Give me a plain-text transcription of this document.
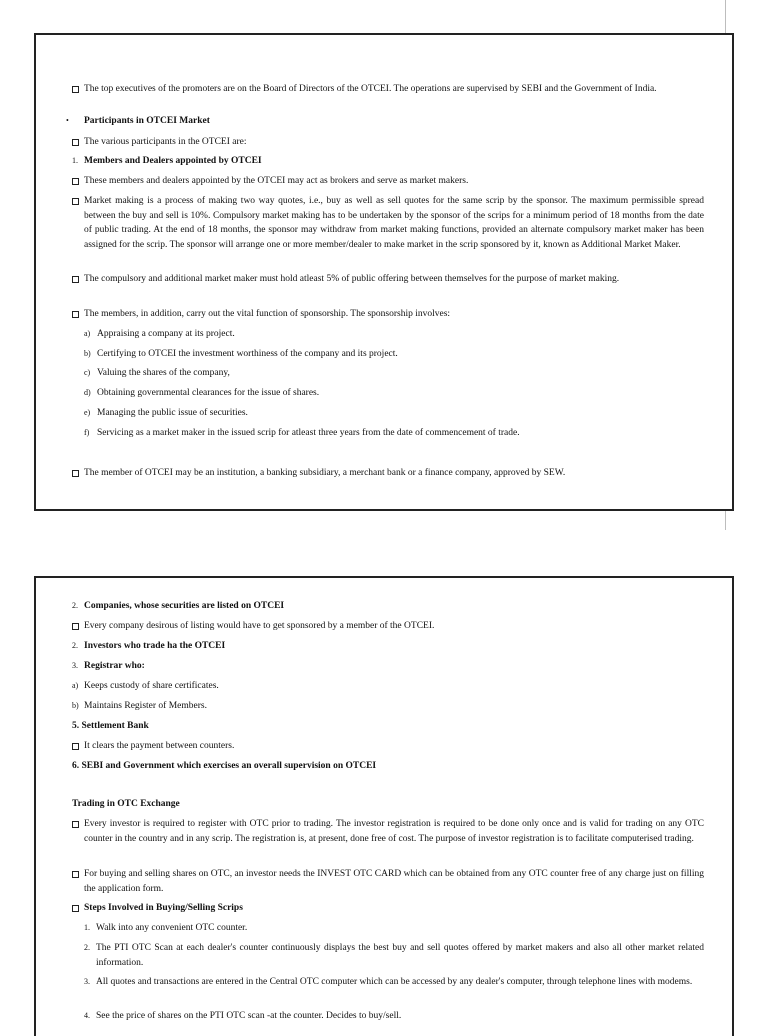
The top executives of the promoters are on the Board of Directors of the OTCEI. The operations are supervised by SEBI and the Government of India.
• Participants in OTCEI Market
The various participants in the OTCEI are:
1. Members and Dealers appointed by OTCEI
These members and dealers appointed by the OTCEI may act as brokers and serve as market makers.
Market making is a process of making two way quotes, i.e., buy as well as sell quotes for the same scrip by the sponsor. The maximum permissible spread between the buy and sell is 10%. Compulsory market making has to be undertaken by the sponsor of the scrips for a minimum period of 18 months from the date of public trading. At the end of 18 months, the sponsor may withdraw from market making functions, provided an alternate compulsory market maker has been assigned for the scrip. The sponsor will arrange one or more member/dealer to make market in the scrip sponsored by it, known as Additional Market Maker.
The compulsory and additional market maker must hold atleast 5% of public offering between themselves for the purpose of market making.
The members, in addition, carry out the vital function of sponsorship. The sponsorship involves:
a) Appraising a company at its project.
b) Certifying to OTCEI the investment worthiness of the company and its project.
c) Valuing the shares of the company,
d) Obtaining governmental clearances for the issue of shares.
e) Managing the public issue of securities.
f) Servicing as a market maker in the issued scrip for atleast three years from the date of commencement of trade.
The member of OTCEI may be an institution, a banking subsidiary, a merchant bank or a finance company, approved by SEW.
2. Companies, whose securities are listed on OTCEI
Every company desirous of listing would have to get sponsored by a member of the OTCEI.
2. Investors who trade ha the OTCEI
3. Registrar who:
a) Keeps custody of share certificates.
b) Maintains Register of Members.
5. Settlement Bank
It clears the payment between counters.
6. SEBI and Government which exercises an overall supervision on OTCEI
Trading in OTC Exchange
Every investor is required to register with OTC prior to trading. The investor registration is required to be done only once and is valid for trading on any OTC counter in the country and in any scrip. The registration is, at present, done free of cost. The purpose of investor registration is to facilitate computerised trading.
For buying and selling shares on OTC, an investor needs the INVEST OTC CARD which can be obtained from any OTC counter free of any charge just on filling the application form.
Steps Involved in Buying/Selling Scrips
1. Walk into any convenient OTC counter.
2. The PTI OTC Scan at each dealer's counter continuously displays the best buy and sell quotes offered by market makers and also all other market related information.
3. All quotes and transactions are entered in the Central OTC computer which can be accessed by any dealer's computer, through telephone lines with modems.
4. See the price of shares on the PTI OTC scan -at the counter. Decides to buy/sell.
